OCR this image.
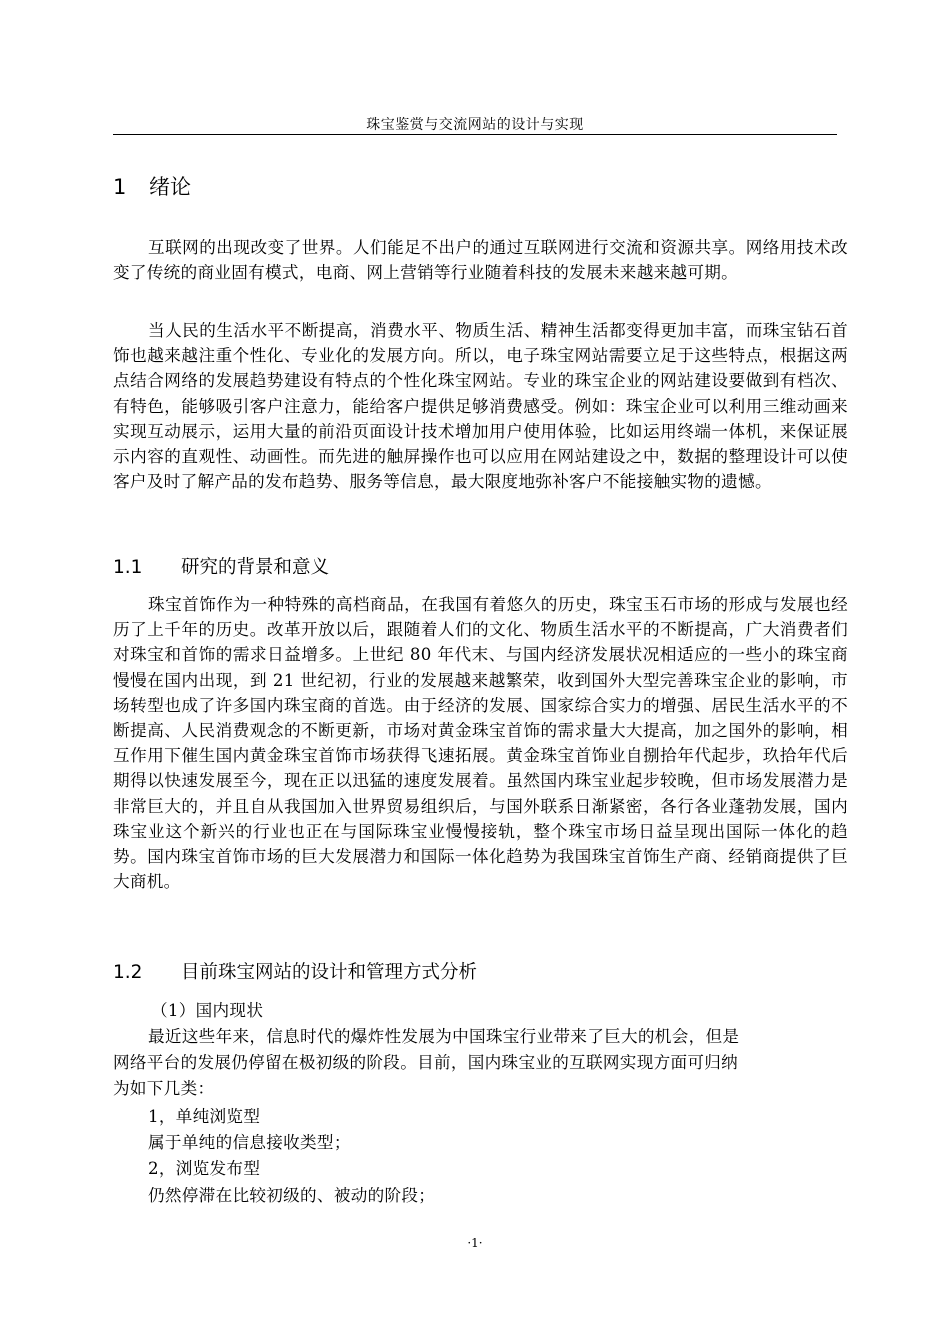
珠宝鉴赏与交流网站的设计与实现
1 绪论

互联网的出现改变了世界。人们能足不出户的通过互联网进行交流和资源共享。网络用技术改变了传统的商业固有模式，电商、网上营销等行业随着科技的发展未来越来越可期。

当人民的生活水平不断提高，消费水平、物质生活、精神生活都变得更加丰富，而珠宝钻石首饰也越来越注重个性化、专业化的发展方向。所以，电子珠宝网站需要立足于这些特点，根据这两点结合网络的发展趋势建设有特点的个性化珠宝网站。专业的珠宝企业的网站建设要做到有档次、有特色，能够吸引客户注意力，能给客户提供足够消费感受。例如：珠宝企业可以利用三维动画来实现互动展示，运用大量的前沿页面设计技术增加用户使用体验，比如运用终端一体机，来保证展示内容的直观性、动画性。而先进的触屏操作也可以应用在网站建设之中，数据的整理设计可以使客户及时了解产品的发布趋势、服务等信息，最大限度地弥补客户不能接触实物的遗憾。

1.1 研究的背景和意义

珠宝首饰作为一种特殊的高档商品，在我国有着悠久的历史，珠宝玉石市场的形成与发展也经历了上千年的历史。改革开放以后，跟随着人们的文化、物质生活水平的不断提高，广大消费者们对珠宝和首饰的需求日益增多。上世纪 80 年代末、与国内经济发展状况相适应的一些小的珠宝商慢慢在国内出现，到 21 世纪初，行业的发展越来越繁荣，收到国外大型完善珠宝企业的影响，市场转型也成了许多国内珠宝商的首选。由于经济的发展、国家综合实力的增强、居民生活水平的不断提高、人民消费观念的不断更新，市场对黄金珠宝首饰的需求量大大提高，加之国外的影响，相互作用下催生国内黄金珠宝首饰市场获得飞速拓展。黄金珠宝首饰业自捌拾年代起步，玖拾年代后期得以快速发展至今，现在正以迅猛的速度发展着。虽然国内珠宝业起步较晚，但市场发展潜力是非常巨大的，并且自从我国加入世界贸易组织后，与国外联系日渐紧密，各行各业蓬勃发展，国内珠宝业这个新兴的行业也正在与国际珠宝业慢慢接轨，整个珠宝市场日益呈现出国际一体化的趋势。国内珠宝首饰市场的巨大发展潜力和国际一体化趋势为我国珠宝首饰生产商、经销商提供了巨大商机。

1.2 目前珠宝网站的设计和管理方式分析

（1）国内现状

最近这些年来，信息时代的爆炸性发展为中国珠宝行业带来了巨大的机会，但是

网络平台的发展仍停留在极初级的阶段。目前，国内珠宝业的互联网实现方面可归纳

为如下几类：

1，单纯浏览型

属于单纯的信息接收类型；

2，浏览发布型

仍然停滞在比较初级的、被动的阶段；

·1·
